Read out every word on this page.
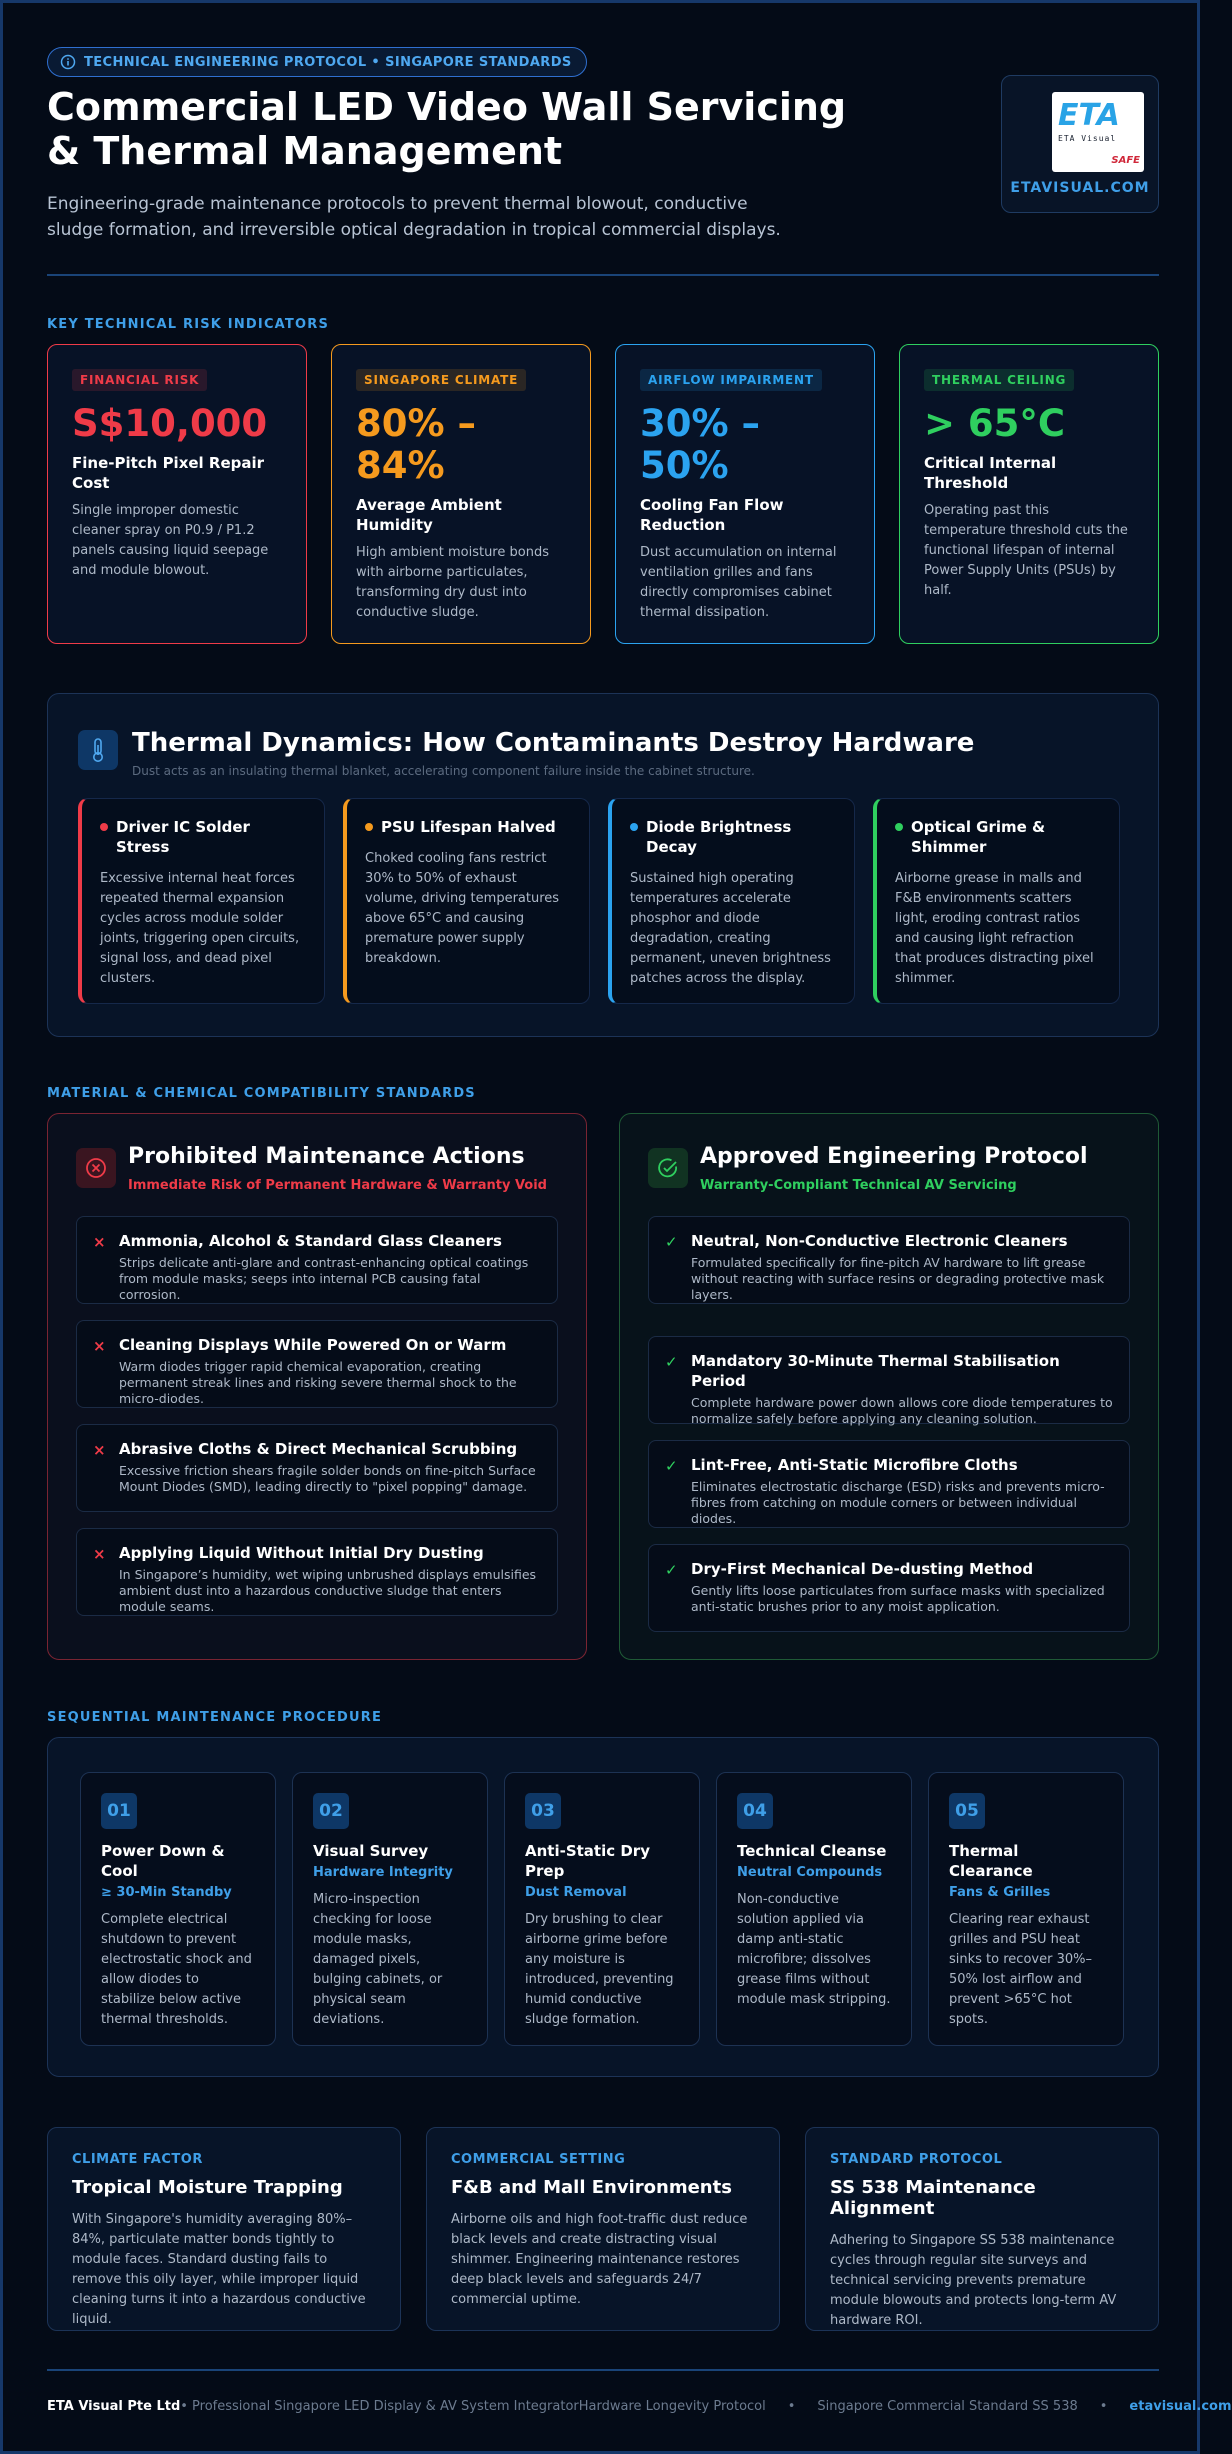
TECHNICAL ENGINEERING PROTOCOL • SINGAPORE STANDARDS
Commercial LED Video Wall Servicing & Thermal Management

Engineering-grade maintenance protocols to prevent thermal blowout, conductive sludge formation, and irreversible optical degradation in tropical commercial displays.

ETA
ETA Visual
SAFE
ETAVISUAL.COM
KEY TECHNICAL RISK INDICATORS
FINANCIAL RISK
S$10,000
Fine-Pitch Pixel Repair Cost
Single improper domestic cleaner spray on P0.9 / P1.2 panels causing liquid seepage and module blowout.
SINGAPORE CLIMATE
80% – 84%
Average Ambient Humidity
High ambient moisture bonds with airborne particulates, transforming dry dust into conductive sludge.
AIRFLOW IMPAIRMENT
30% – 50%
Cooling Fan Flow Reduction
Dust accumulation on internal ventilation grilles and fans directly compromises cabinet thermal dissipation.
THERMAL CEILING
> 65°C
Critical Internal Threshold
Operating past this temperature threshold cuts the functional lifespan of internal Power Supply Units (PSUs) by half.
Thermal Dynamics: How Contaminants Destroy Hardware
Dust acts as an insulating thermal blanket, accelerating component failure inside the cabinet structure.
Driver IC Solder Stress
Excessive internal heat forces repeated thermal expansion cycles across module solder joints, triggering open circuits, signal loss, and dead pixel clusters.
PSU Lifespan Halved
Choked cooling fans restrict 30% to 50% of exhaust volume, driving temperatures above 65°C and causing premature power supply breakdown.
Diode Brightness Decay
Sustained high operating temperatures accelerate phosphor and diode degradation, creating permanent, uneven brightness patches across the display.
Optical Grime & Shimmer
Airborne grease in malls and F&B environments scatters light, eroding contrast ratios and causing light refraction that produces distracting pixel shimmer.
MATERIAL & CHEMICAL COMPATIBILITY STANDARDS
Prohibited Maintenance Actions
Immediate Risk of Permanent Hardware & Warranty Void
× Ammonia, Alcohol & Standard Glass Cleaners
Strips delicate anti-glare and contrast-enhancing optical coatings from module masks; seeps into internal PCB causing fatal corrosion.
× Cleaning Displays While Powered On or Warm
Warm diodes trigger rapid chemical evaporation, creating permanent streak lines and risking severe thermal shock to the micro-diodes.
× Abrasive Cloths & Direct Mechanical Scrubbing
Excessive friction shears fragile solder bonds on fine-pitch Surface Mount Diodes (SMD), leading directly to "pixel popping" damage.
× Applying Liquid Without Initial Dry Dusting
In Singapore’s humidity, wet wiping unbrushed displays emulsifies ambient dust into a hazardous conductive sludge that enters module seams.
Approved Engineering Protocol
Warranty-Compliant Technical AV Servicing
✓ Neutral, Non-Conductive Electronic Cleaners
Formulated specifically for fine-pitch AV hardware to lift grease without reacting with surface resins or degrading protective mask layers.
✓ Mandatory 30-Minute Thermal Stabilisation Period
Complete hardware power down allows core diode temperatures to normalize safely before applying any cleaning solution.
✓ Lint-Free, Anti-Static Microfibre Cloths
Eliminates electrostatic discharge (ESD) risks and prevents micro-fibres from catching on module corners or between individual diodes.
✓ Dry-First Mechanical De-dusting Method
Gently lifts loose particulates from surface masks with specialized anti-static brushes prior to any moist application.
SEQUENTIAL MAINTENANCE PROCEDURE
01
Power Down & Cool
≥ 30-Min Standby
Complete electrical shutdown to prevent electrostatic shock and allow diodes to stabilize below active thermal thresholds.
02
Visual Survey
Hardware Integrity
Micro-inspection checking for loose module masks, damaged pixels, bulging cabinets, or physical seam deviations.
03
Anti-Static Dry Prep
Dust Removal
Dry brushing to clear airborne grime before any moisture is introduced, preventing humid conductive sludge formation.
04
Technical Cleanse
Neutral Compounds
Non-conductive solution applied via damp anti-static microfibre; dissolves grease films without module mask stripping.
05
Thermal Clearance
Fans & Grilles
Clearing rear exhaust grilles and PSU heat sinks to recover 30%–50% lost airflow and prevent >65°C hot spots.
CLIMATE FACTOR
Tropical Moisture Trapping
With Singapore's humidity averaging 80%–84%, particulate matter bonds tightly to module faces. Standard dusting fails to remove this oily layer, while improper liquid cleaning turns it into a hazardous conductive liquid.
COMMERCIAL SETTING
F&B and Mall Environments
Airborne oils and high foot-traffic dust reduce black levels and create distracting visual shimmer. Engineering maintenance restores deep black levels and safeguards 24/7 commercial uptime.
STANDARD PROTOCOL
SS 538 Maintenance Alignment
Adhering to Singapore SS 538 maintenance cycles through regular site surveys and technical servicing prevents premature module blowouts and protects long-term AV hardware ROI.
ETA Visual Pte Ltd • Professional Singapore LED Display & AV System IntegratorHardware Longevity Protocol • Singapore Commercial Standard SS 538 • etavisual.com
